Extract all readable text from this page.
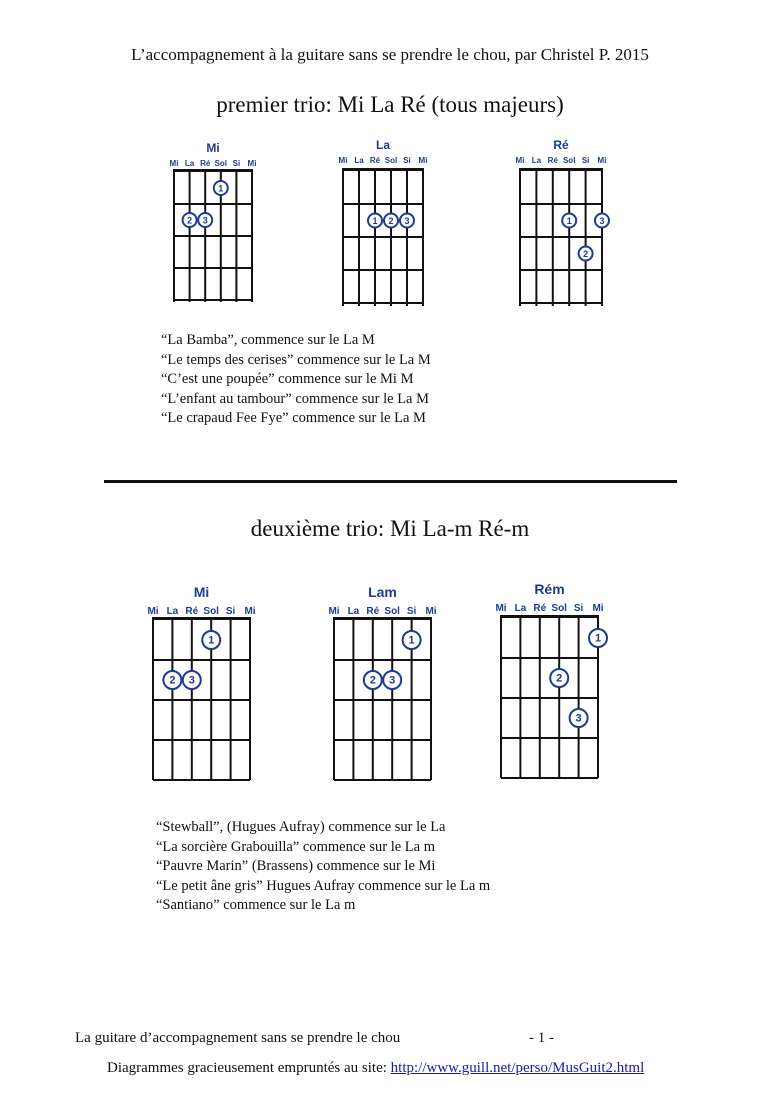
L’accompagnement à la guitare sans se prendre le chou, par Christel P. 2015
premier trio: Mi La Ré (tous majeurs)
Mi
Mi La Ré Sol Si Mi
1
2 3
La
Mi La Ré Sol Si Mi
1 2 3
Ré
Mi La Ré Sol Si Mi
1
2
3
“La Bamba”, commence sur le La M
“Le temps des cerises” commence sur le La M
“C’est une poupée” commence sur le Mi M
“L’enfant au tambour” commence sur le La M
“Le crapaud Fee Fye” commence sur le La M
deuxième trio: Mi La-m Ré-m
Mi
Mi La Ré Sol Si Mi
1
2 3
Lam
Mi La Ré Sol Si Mi
1
2 3
Rém
Mi La Ré Sol Si Mi
1
2
3
“Stewball”, (Hugues Aufray) commence sur le La
“La sorcière Grabouilla” commence sur le La m
“Pauvre Marin” (Brassens) commence sur le Mi
“Le petit âne gris” Hugues Aufray commence sur le La m
“Santiano” commence sur le La m
La guitare d’accompagnement sans se prendre le chou	- 1 -
Diagrammes gracieusement empruntés au site: http://www.guill.net/perso/MusGuit2.html
